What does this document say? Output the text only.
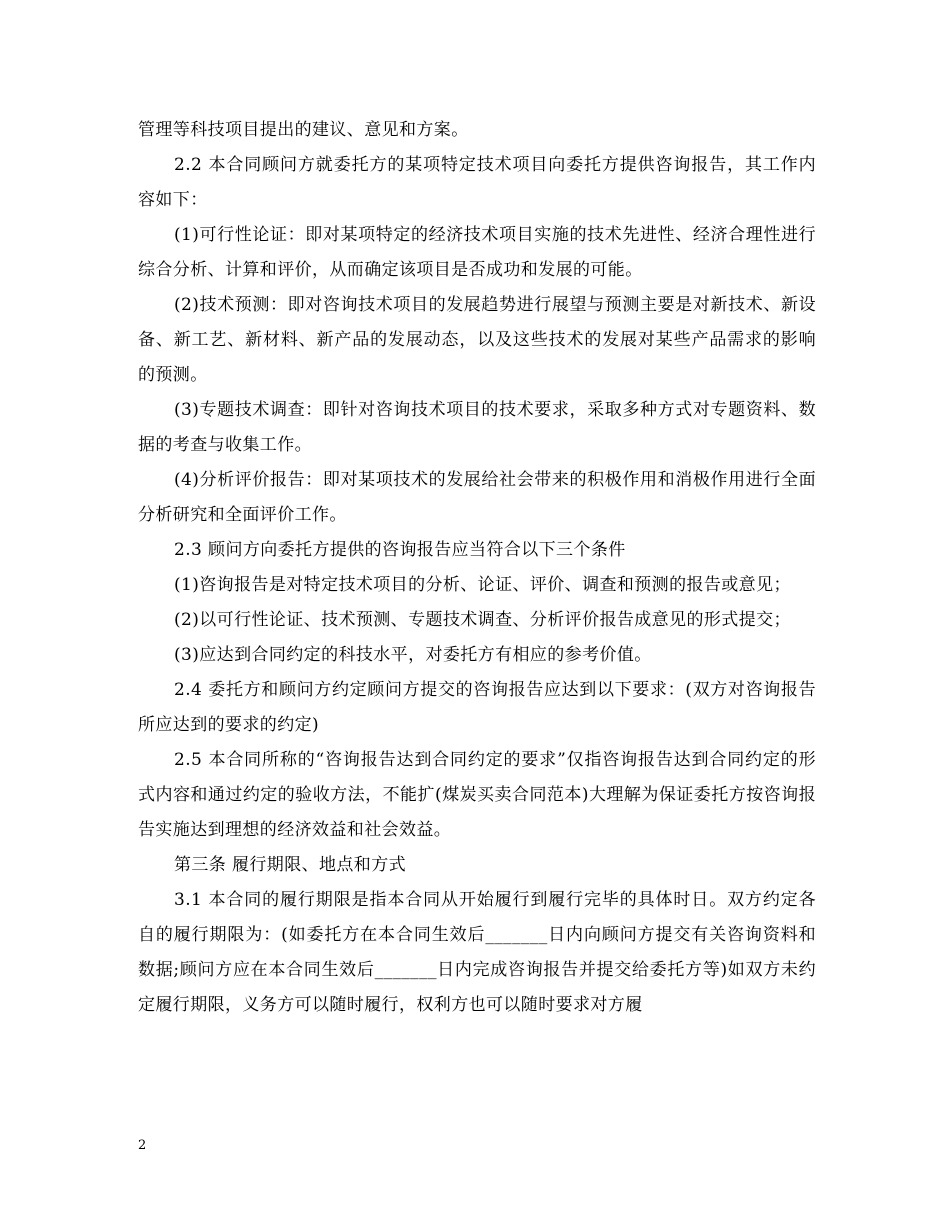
管理等科技项目提出的建议、意见和方案。

2.2 本合同顾问方就委托方的某项特定技术项目向委托方提供咨询报告，其工作内容如下：

(1)可行性论证：即对某项特定的经济技术项目实施的技术先进性、经济合理性进行综合分析、计算和评价，从而确定该项目是否成功和发展的可能。

(2)技术预测：即对咨询技术项目的发展趋势进行展望与预测主要是对新技术、新设备、新工艺、新材料、新产品的发展动态，以及这些技术的发展对某些产品需求的影响的预测。

(3)专题技术调查：即针对咨询技术项目的技术要求，采取多种方式对专题资料、数据的考查与收集工作。

(4)分析评价报告：即对某项技术的发展给社会带来的积极作用和消极作用进行全面分析研究和全面评价工作。

2.3 顾问方向委托方提供的咨询报告应当符合以下三个条件

(1)咨询报告是对特定技术项目的分析、论证、评价、调查和预测的报告或意见；

(2)以可行性论证、技术预测、专题技术调查、分析评价报告成意见的形式提交；

(3)应达到合同约定的科技水平，对委托方有相应的参考价值。

2.4 委托方和顾问方约定顾问方提交的咨询报告应达到以下要求：(双方对咨询报告所应达到的要求的约定)

2.5 本合同所称的“咨询报告达到合同约定的要求”仅指咨询报告达到合同约定的形式内容和通过约定的验收方法，不能扩(煤炭买卖合同范本)大理解为保证委托方按咨询报告实施达到理想的经济效益和社会效益。

第三条 履行期限、地点和方式

3.1 本合同的履行期限是指本合同从开始履行到履行完毕的具体时日。双方约定各自的履行期限为：(如委托方在本合同生效后_______日内向顾问方提交有关咨询资料和数据;顾问方应在本合同生效后_______日内完成咨询报告并提交给委托方等)如双方未约定履行期限，义务方可以随时履行，权利方也可以随时要求对方履

2
